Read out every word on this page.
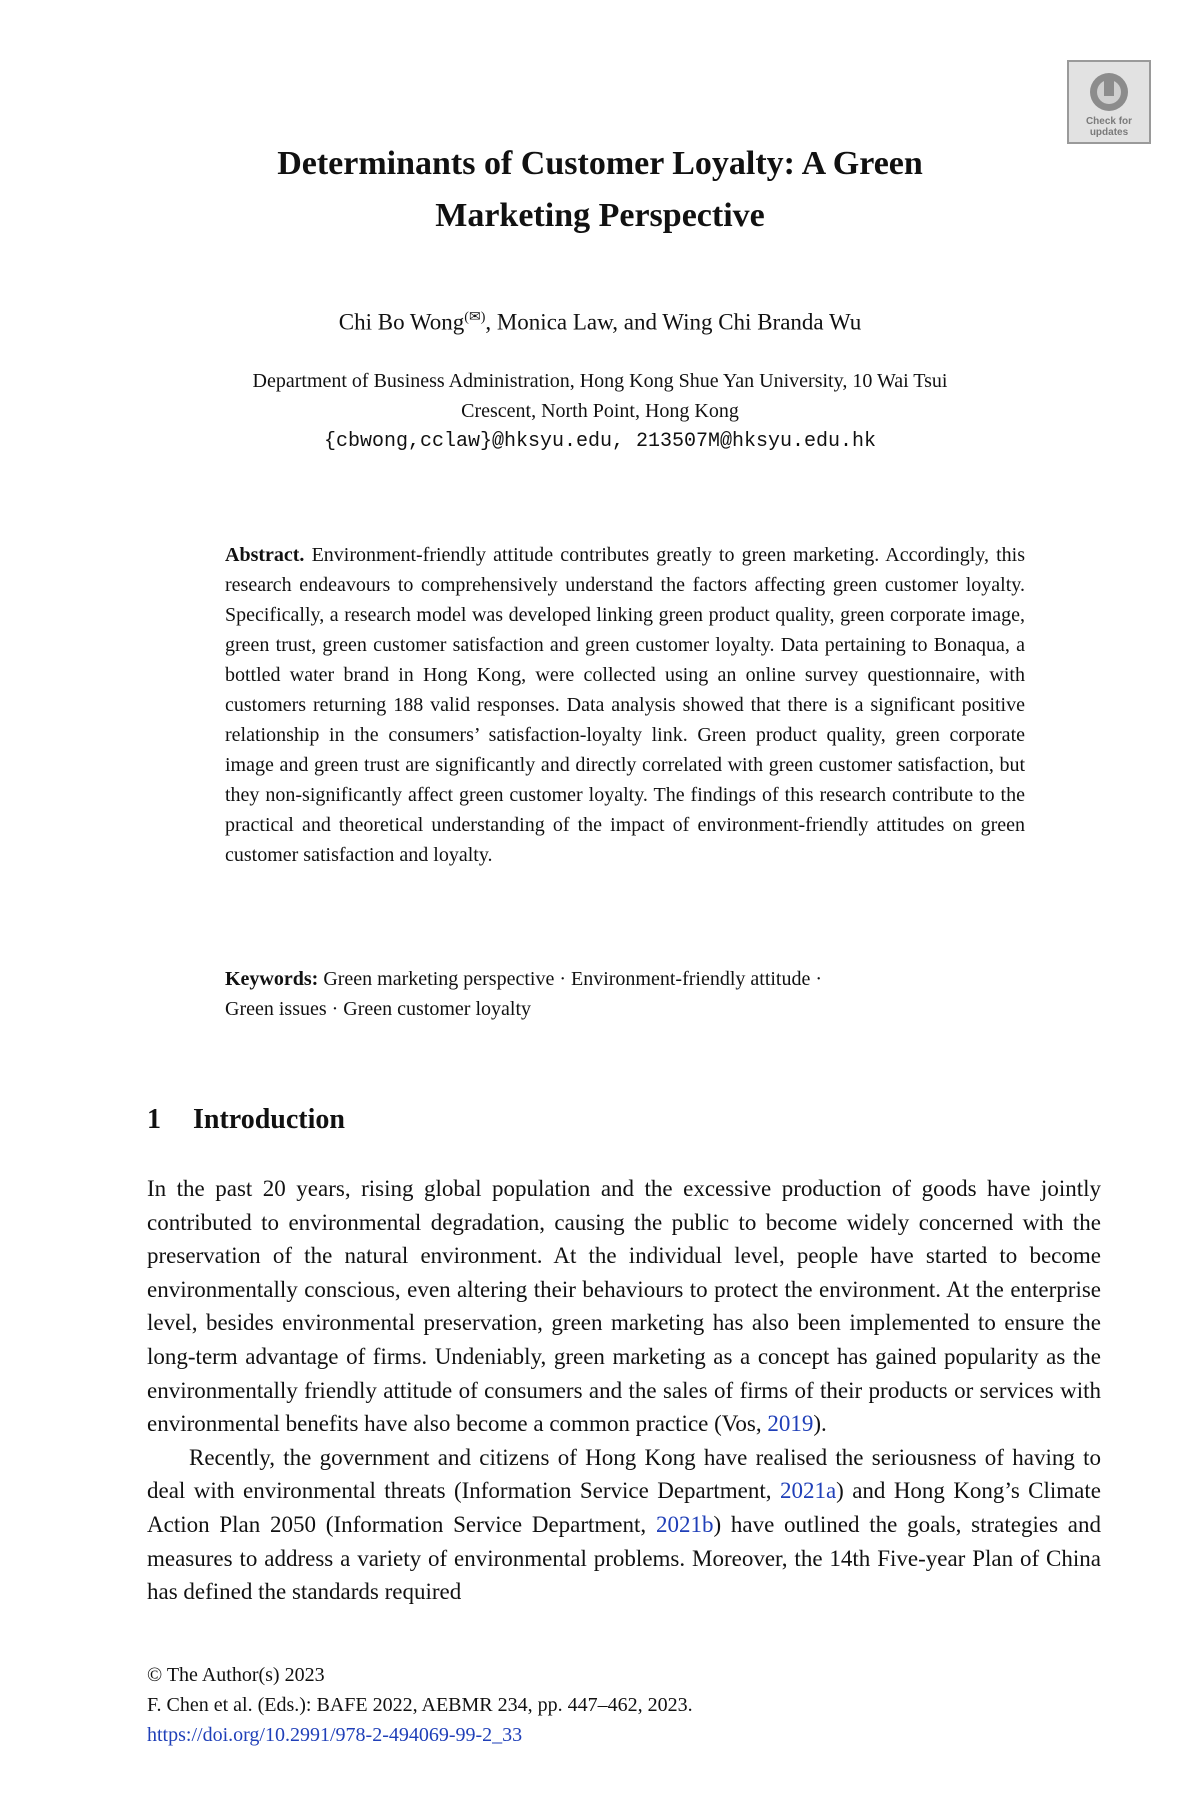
Check for
updates
Determinants of Customer Loyalty: A Green
Marketing Perspective
Chi Bo Wong(✉), Monica Law, and Wing Chi Branda Wu
Department of Business Administration, Hong Kong Shue Yan University, 10 Wai Tsui
Crescent, North Point, Hong Kong
{cbwong,cclaw}@hksyu.edu, 213507M@hksyu.edu.hk
Abstract. Environment-friendly attitude contributes greatly to green marketing. Accordingly, this research endeavours to comprehensively understand the factors affecting green customer loyalty. Specifically, a research model was developed linking green product quality, green corporate image, green trust, green customer satisfaction and green customer loyalty. Data pertaining to Bonaqua, a bottled water brand in Hong Kong, were collected using an online survey questionnaire, with customers returning 188 valid responses. Data analysis showed that there is a significant positive relationship in the consumers’ satisfaction-loyalty link. Green product quality, green corporate image and green trust are significantly and directly correlated with green customer satisfaction, but they non-significantly affect green customer loyalty. The findings of this research contribute to the practical and theoretical understanding of the impact of environment-friendly attitudes on green customer satisfaction and loyalty.
Keywords: Green marketing perspective · Environment-friendly attitude ·
Green issues · Green customer loyalty
1 Introduction

In the past 20 years, rising global population and the excessive production of goods have jointly contributed to environmental degradation, causing the public to become widely concerned with the preservation of the natural environment. At the individual level, people have started to become environmentally conscious, even altering their behaviours to protect the environment. At the enterprise level, besides environmental preservation, green marketing has also been implemented to ensure the long-term advantage of firms. Undeniably, green marketing as a concept has gained popularity as the environmentally friendly attitude of consumers and the sales of firms of their products or services with environmental benefits have also become a common practice (Vos, 2019).

Recently, the government and citizens of Hong Kong have realised the seriousness of having to deal with environmental threats (Information Service Department, 2021a) and Hong Kong’s Climate Action Plan 2050 (Information Service Department, 2021b) have outlined the goals, strategies and measures to address a variety of environmental problems. Moreover, the 14th Five-year Plan of China has defined the standards required

© The Author(s) 2023
F. Chen et al. (Eds.): BAFE 2022, AEBMR 234, pp. 447–462, 2023.
https://doi.org/10.2991/978-2-494069-99-2_33
